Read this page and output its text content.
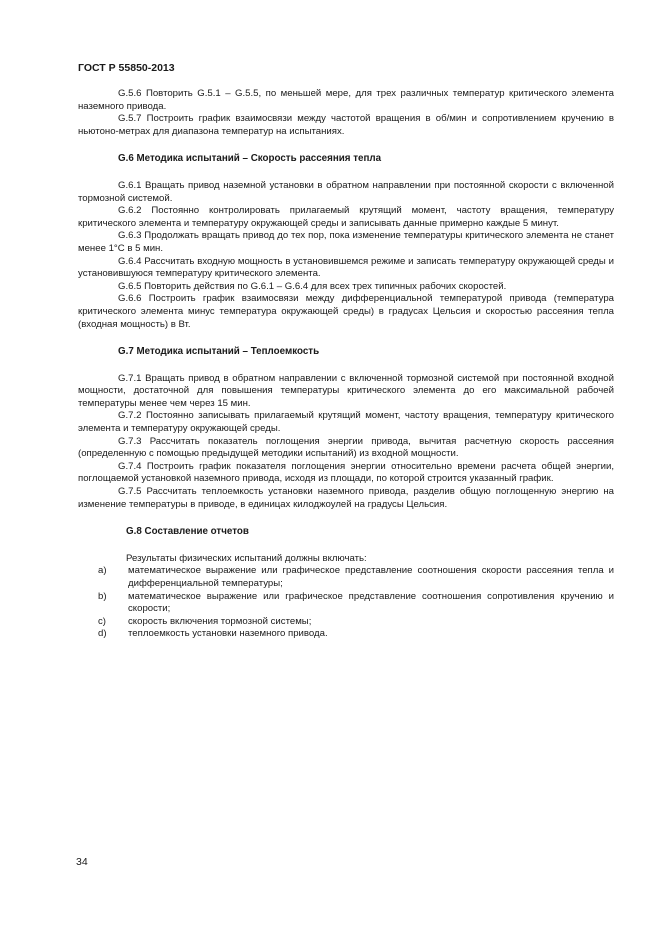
ГОСТ Р 55850-2013

G.5.6 Повторить G.5.1 – G.5.5, по меньшей мере, для трех различных температур критического элемента наземного привода.

G.5.7 Построить график взаимосвязи между частотой вращения в об/мин и сопротивлением кручению в ньютоно-метрах для диапазона температур на испытаниях.

G.6 Методика испытаний – Скорость рассеяния тепла

G.6.1 Вращать привод наземной установки в обратном направлении при постоянной скорости с включенной тормозной системой.

G.6.2 Постоянно контролировать прилагаемый крутящий момент, частоту вращения, температуру критического элемента и температуру окружающей среды и записывать данные примерно каждые 5 минут.

G.6.3 Продолжать вращать привод до тех пор, пока изменение температуры критического элемента не станет менее 1°С в 5 мин.

G.6.4 Рассчитать входную мощность в установившемся режиме и записать температуру окружающей среды и установившуюся температуру критического элемента.

G.6.5 Повторить действия по G.6.1 – G.6.4 для всех трех типичных рабочих скоростей.

G.6.6 Построить график взаимосвязи между дифференциальной температурой привода (температура критического элемента минус температура окружающей среды) в градусах Цельсия и скоростью рассеяния тепла (входная мощность) в Вт.

G.7 Методика испытаний – Теплоемкость

G.7.1 Вращать привод в обратном направлении с включенной тормозной системой при постоянной входной мощности, достаточной для повышения температуры критического элемента до его максимальной рабочей температуры менее чем через 15 мин.

G.7.2 Постоянно записывать прилагаемый крутящий момент, частоту вращения, температуру критического элемента и температуру окружающей среды.

G.7.3 Рассчитать показатель поглощения энергии привода, вычитая расчетную скорость рассеяния (определенную с помощью предыдущей методики испытаний) из входной мощности.

G.7.4 Построить график показателя поглощения энергии относительно времени расчета общей энергии, поглощаемой установкой наземного привода, исходя из площади, по которой строится указанный график.

G.7.5 Рассчитать теплоемкость установки наземного привода, разделив общую поглощенную энергию на изменение температуры в приводе, в единицах килоджоулей на градусы Цельсия.

G.8 Составление отчетов

Результаты физических испытаний должны включать:

a)	математическое выражение или графическое представление соотношения скорости рассеяния тепла и дифференциальной температуры;
b)	математическое выражение или графическое представление соотношения сопротивления кручению и скорости;
c)	скорость включения тормозной системы;
d)	теплоемкость установки наземного привода.
34
